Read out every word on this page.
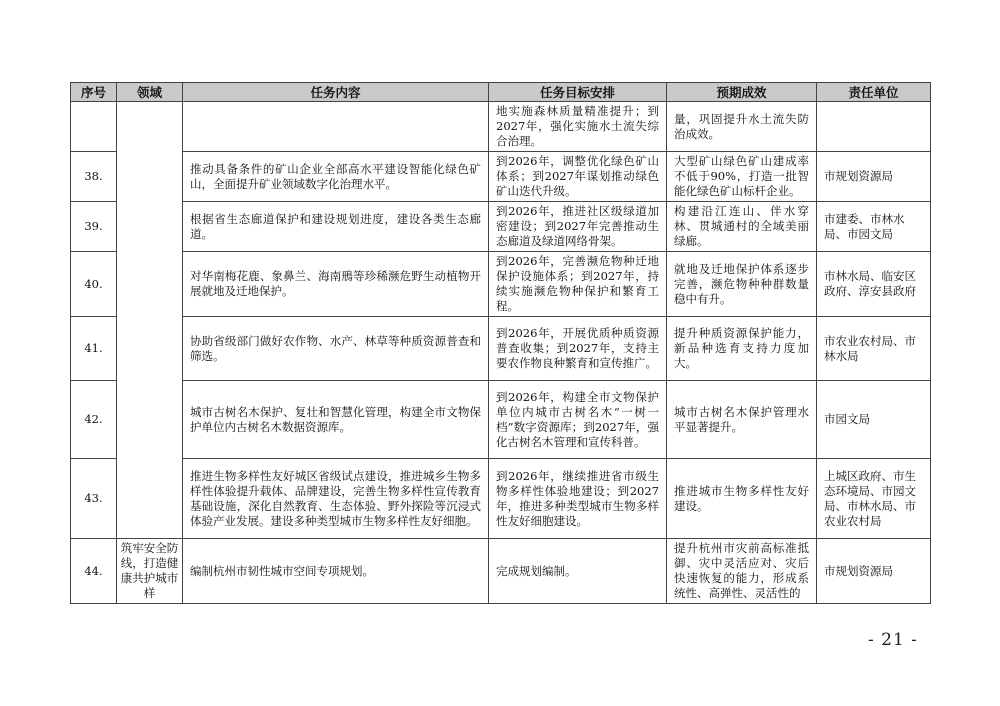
序号	领域	任务内容	任务目标安排	预期成效	责任单位
			地实施森林质量精准提升；到2027年，强化实施水土流失综合治理。	量，巩固提升水土流失防治成效。	
38.		推动具备条件的矿山企业全部高水平建设智能化绿色矿山，全面提升矿业领域数字化治理水平。	到2026年，调整优化绿色矿山体系；到2027年谋划推动绿色矿山迭代升级。	大型矿山绿色矿山建成率不低于90%，打造一批智能化绿色矿山标杆企业。	市规划资源局
39.		根据省生态廊道保护和建设规划进度，建设各类生态廊道。	到2026年，推进社区级绿道加密建设；到2027年完善推动生态廊道及绿道网络骨架。	构建沿江连山、伴水穿林、贯城通村的全域美丽绿廊。	市建委、市林水局、市园文局
40.		对华南梅花鹿、象鼻兰、海南鳽等珍稀濒危野生动植物开展就地及迁地保护。	到2026年，完善濒危物种迁地保护设施体系；到2027年，持续实施濒危物种保护和繁育工程。	就地及迁地保护体系逐步完善，濒危物种种群数量稳中有升。	市林水局、临安区政府、淳安县政府
41.		协助省级部门做好农作物、水产、林草等种质资源普查和筛选。	到2026年，开展优质种质资源普查收集；到2027年，支持主要农作物良种繁育和宣传推广。	提升种质资源保护能力，新品种选育支持力度加大。	市农业农村局、市林水局
42.		城市古树名木保护、复壮和智慧化管理，构建全市文物保护单位内古树名木数据资源库。	到2026年，构建全市文物保护单位内城市古树名木“一树一档”数字资源库；到2027年，强化古树名木管理和宣传科普。	城市古树名木保护管理水平显著提升。	市园文局
43.		推进生物多样性友好城区省级试点建设，推进城乡生物多样性体验提升载体、品牌建设，完善生物多样性宣传教育基础设施，深化自然教育、生态体验、野外探险等沉浸式体验产业发展。建设多种类型城市生物多样性友好细胞。	到2026年，继续推进省市级生物多样性体验地建设；到2027年，推进多种类型城市生物多样性友好细胞建设。	推进城市生物多样性友好建设。	上城区政府、市生态环境局、市园文局、市林水局、市农业农村局
44.	筑牢安全防线，打造健康共护城市样	编制杭州市韧性城市空间专项规划。	完成规划编制。	提升杭州市灾前高标准抵御、灾中灵活应对、灾后快速恢复的能力，形成系统性、高弹性、灵活性的	市规划资源局
- 21 -
